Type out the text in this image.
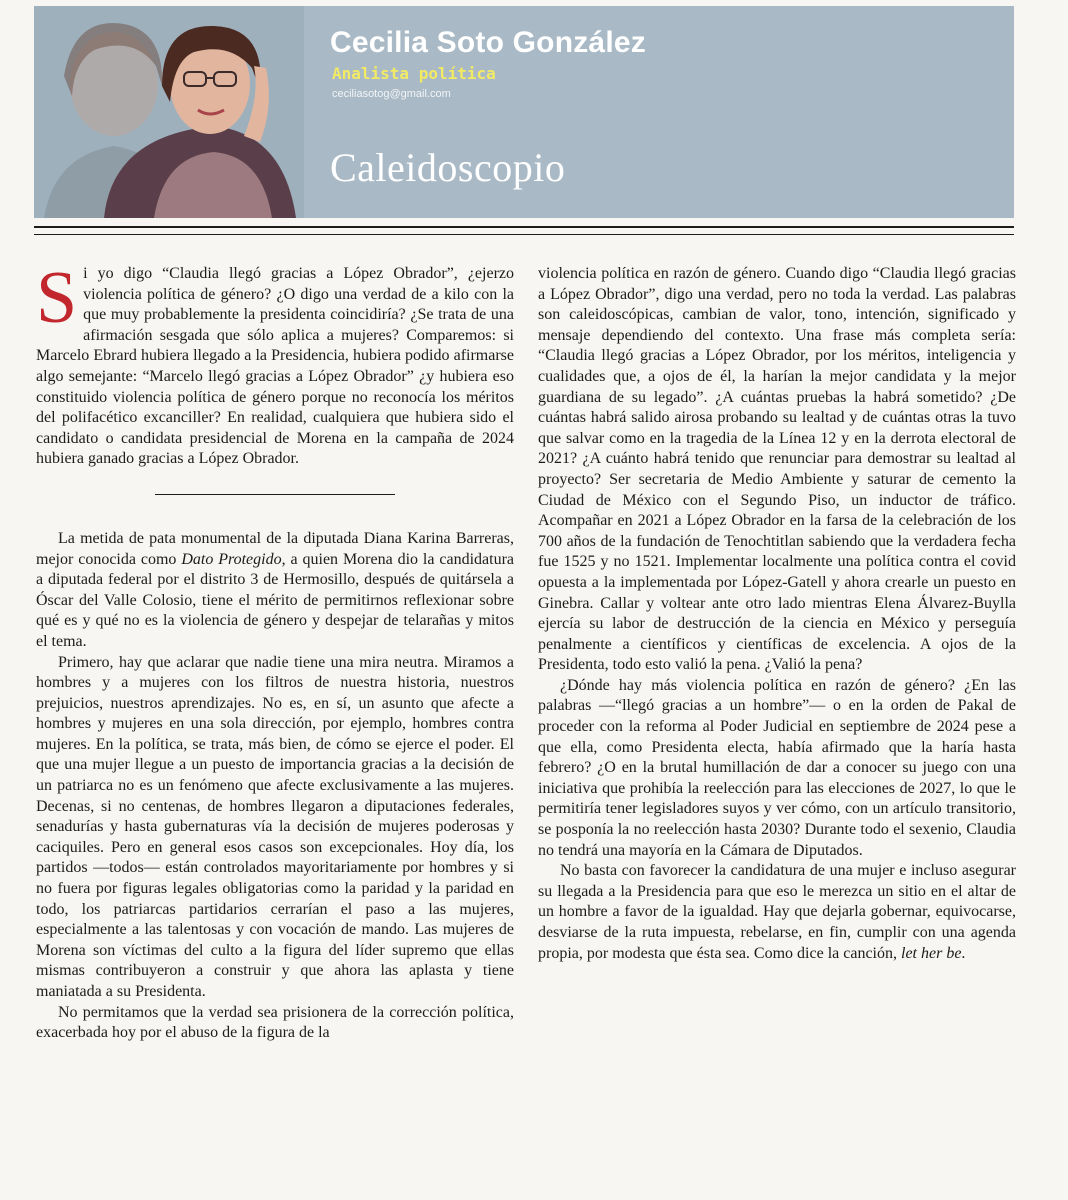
Cecilia Soto González
Analista política
ceciliasotog@gmail.com
Caleidoscopio

Si yo digo “Claudia llegó gracias a López Obrador”, ¿ejerzo violencia política de género? ¿O digo una verdad de a kilo con la que muy probablemente la presidenta coincidiría? ¿Se trata de una afirmación sesgada que sólo aplica a mujeres? Comparemos: si Marcelo Ebrard hubiera llegado a la Presidencia, hubiera podido afirmarse algo semejante: “Marcelo llegó gracias a López Obrador” ¿y hubiera eso constituido violencia política de género porque no reconocía los méritos del polifacético excanciller? En realidad, cualquiera que hubiera sido el candidato o candidata presidencial de Morena en la campaña de 2024 hubiera ganado gracias a López Obrador.

La metida de pata monumental de la diputada Diana Karina Barreras, mejor conocida como Dato Protegido, a quien Morena dio la candidatura a diputada federal por el distrito 3 de Hermosillo, después de quitársela a Óscar del Valle Colosio, tiene el mérito de permitirnos reflexionar sobre qué es y qué no es la violencia de género y despejar de telarañas y mitos el tema.

Primero, hay que aclarar que nadie tiene una mira neutra. Miramos a hombres y a mujeres con los filtros de nuestra historia, nuestros prejuicios, nuestros aprendizajes. No es, en sí, un asunto que afecte a hombres y mujeres en una sola dirección, por ejemplo, hombres contra mujeres. En la política, se trata, más bien, de cómo se ejerce el poder. El que una mujer llegue a un puesto de importancia gracias a la decisión de un patriarca no es un fenómeno que afecte exclusivamente a las mujeres. Decenas, si no centenas, de hombres llegaron a diputaciones federales, senadurías y hasta gubernaturas vía la decisión de mujeres poderosas y caciquiles. Pero en general esos casos son excepcionales. Hoy día, los partidos —todos— están controlados mayoritariamente por hombres y si no fuera por figuras legales obligatorias como la paridad y la paridad en todo, los patriarcas partidarios cerrarían el paso a las mujeres, especialmente a las talentosas y con vocación de mando. Las mujeres de Morena son víctimas del culto a la figura del líder supremo que ellas mismas contribuyeron a construir y que ahora las aplasta y tiene maniatada a su Presidenta.

No permitamos que la verdad sea prisionera de la corrección política, exacerbada hoy por el abuso de la figura de la

violencia política en razón de género. Cuando digo “Claudia llegó gracias a López Obrador”, digo una verdad, pero no toda la verdad. Las palabras son caleidoscópicas, cambian de valor, tono, intención, significado y mensaje dependiendo del contexto. Una frase más completa sería: “Claudia llegó gracias a López Obrador, por los méritos, inteligencia y cualidades que, a ojos de él, la harían la mejor candidata y la mejor guardiana de su legado”. ¿A cuántas pruebas la habrá sometido? ¿De cuántas habrá salido airosa probando su lealtad y de cuántas otras la tuvo que salvar como en la tragedia de la Línea 12 y en la derrota electoral de 2021? ¿A cuánto habrá tenido que renunciar para demostrar su lealtad al proyecto? Ser secretaria de Medio Ambiente y saturar de cemento la Ciudad de México con el Segundo Piso, un inductor de tráfico. Acompañar en 2021 a López Obrador en la farsa de la celebración de los 700 años de la fundación de Tenochtitlan sabiendo que la verdadera fecha fue 1525 y no 1521. Implementar localmente una política contra el covid opuesta a la implementada por López-Gatell y ahora crearle un puesto en Ginebra. Callar y voltear ante otro lado mientras Elena Álvarez-Buylla ejercía su labor de destrucción de la ciencia en México y perseguía penalmente a científicos y científicas de excelencia. A ojos de la Presidenta, todo esto valió la pena. ¿Valió la pena?

¿Dónde hay más violencia política en razón de género? ¿En las palabras —“llegó gracias a un hombre”— o en la orden de Pakal de proceder con la reforma al Poder Judicial en septiembre de 2024 pese a que ella, como Presidenta electa, había afirmado que la haría hasta febrero? ¿O en la brutal humillación de dar a conocer su juego con una iniciativa que prohibía la reelección para las elecciones de 2027, lo que le permitiría tener legisladores suyos y ver cómo, con un artículo transitorio, se posponía la no reelección hasta 2030? Durante todo el sexenio, Claudia no tendrá una mayoría en la Cámara de Diputados.

No basta con favorecer la candidatura de una mujer e incluso asegurar su llegada a la Presidencia para que eso le merezca un sitio en el altar de un hombre a favor de la igualdad. Hay que dejarla gobernar, equivocarse, desviarse de la ruta impuesta, rebelarse, en fin, cumplir con una agenda propia, por modesta que ésta sea. Como dice la canción, let her be.
